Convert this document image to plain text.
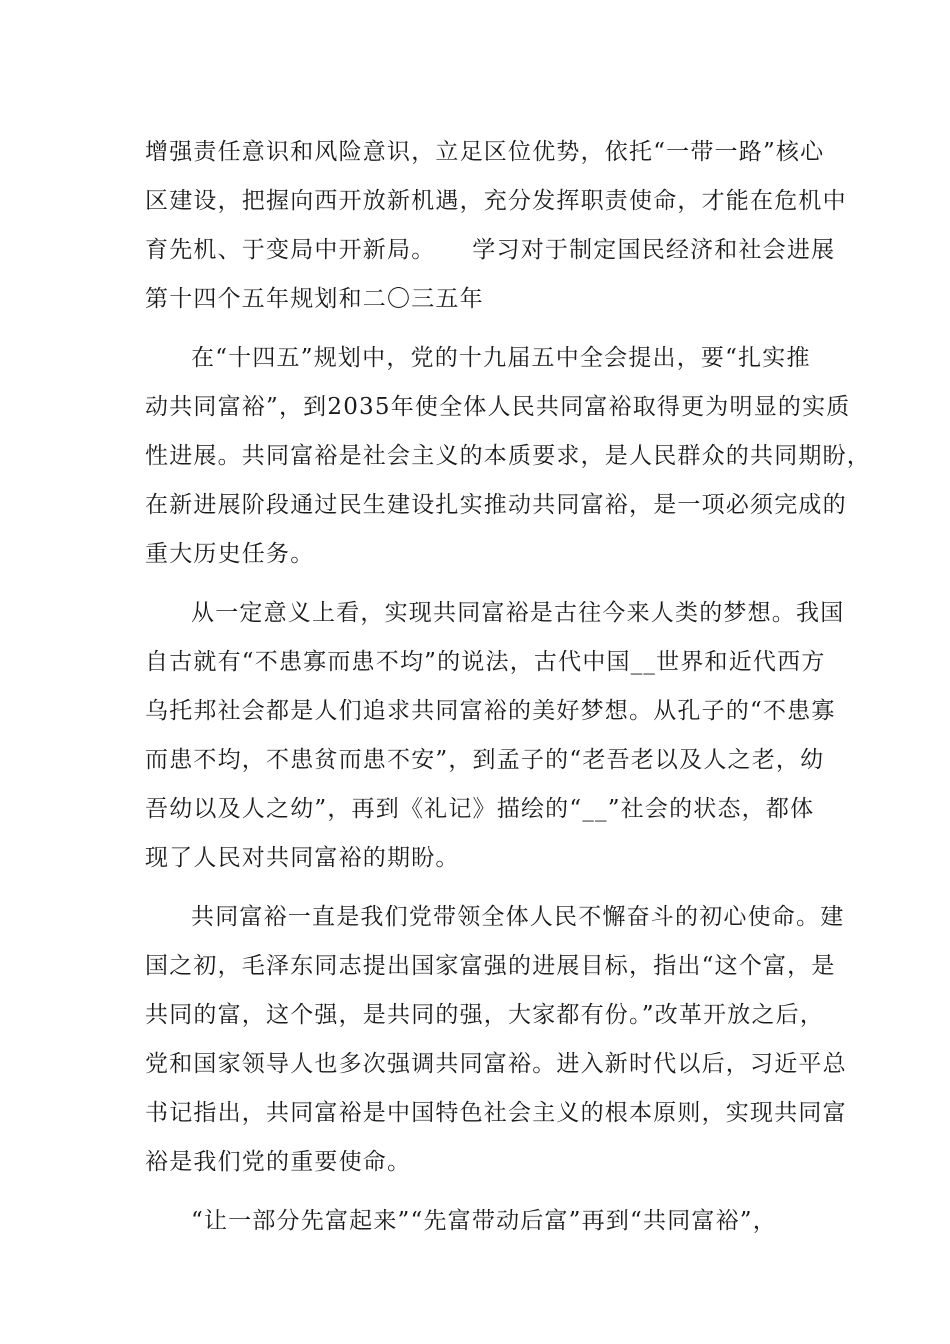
增强责任意识和风险意识，立足区位优势，依托“一带一路”核心
区建设，把握向西开放新机遇，充分发挥职责使命，才能在危机中
育先机、于变局中开新局。　　学习对于制定国民经济和社会进展
第十四个五年规划和二〇三五年
在“十四五”规划中，党的十九届五中全会提出，要“扎实推
动共同富裕”，到2035年使全体人民共同富裕取得更为明显的实质
性进展。共同富裕是社会主义的本质要求，是人民群众的共同期盼，
在新进展阶段通过民生建设扎实推动共同富裕，是一项必须完成的
重大历史任务。
从一定意义上看，实现共同富裕是古往今来人类的梦想。我国
自古就有“不患寡而患不均”的说法，古代中国__世界和近代西方
乌托邦社会都是人们追求共同富裕的美好梦想。从孔子的“不患寡
而患不均，不患贫而患不安”，到孟子的“老吾老以及人之老，幼
吾幼以及人之幼”，再到《礼记》描绘的“__”社会的状态，都体
现了人民对共同富裕的期盼。
共同富裕一直是我们党带领全体人民不懈奋斗的初心使命。建
国之初，毛泽东同志提出国家富强的进展目标，指出“这个富，是
共同的富，这个强，是共同的强，大家都有份。”改革开放之后，
党和国家领导人也多次强调共同富裕。进入新时代以后，习近平总
书记指出，共同富裕是中国特色社会主义的根本原则，实现共同富
裕是我们党的重要使命。
“让一部分先富起来”“先富带动后富”再到“共同富裕”，
